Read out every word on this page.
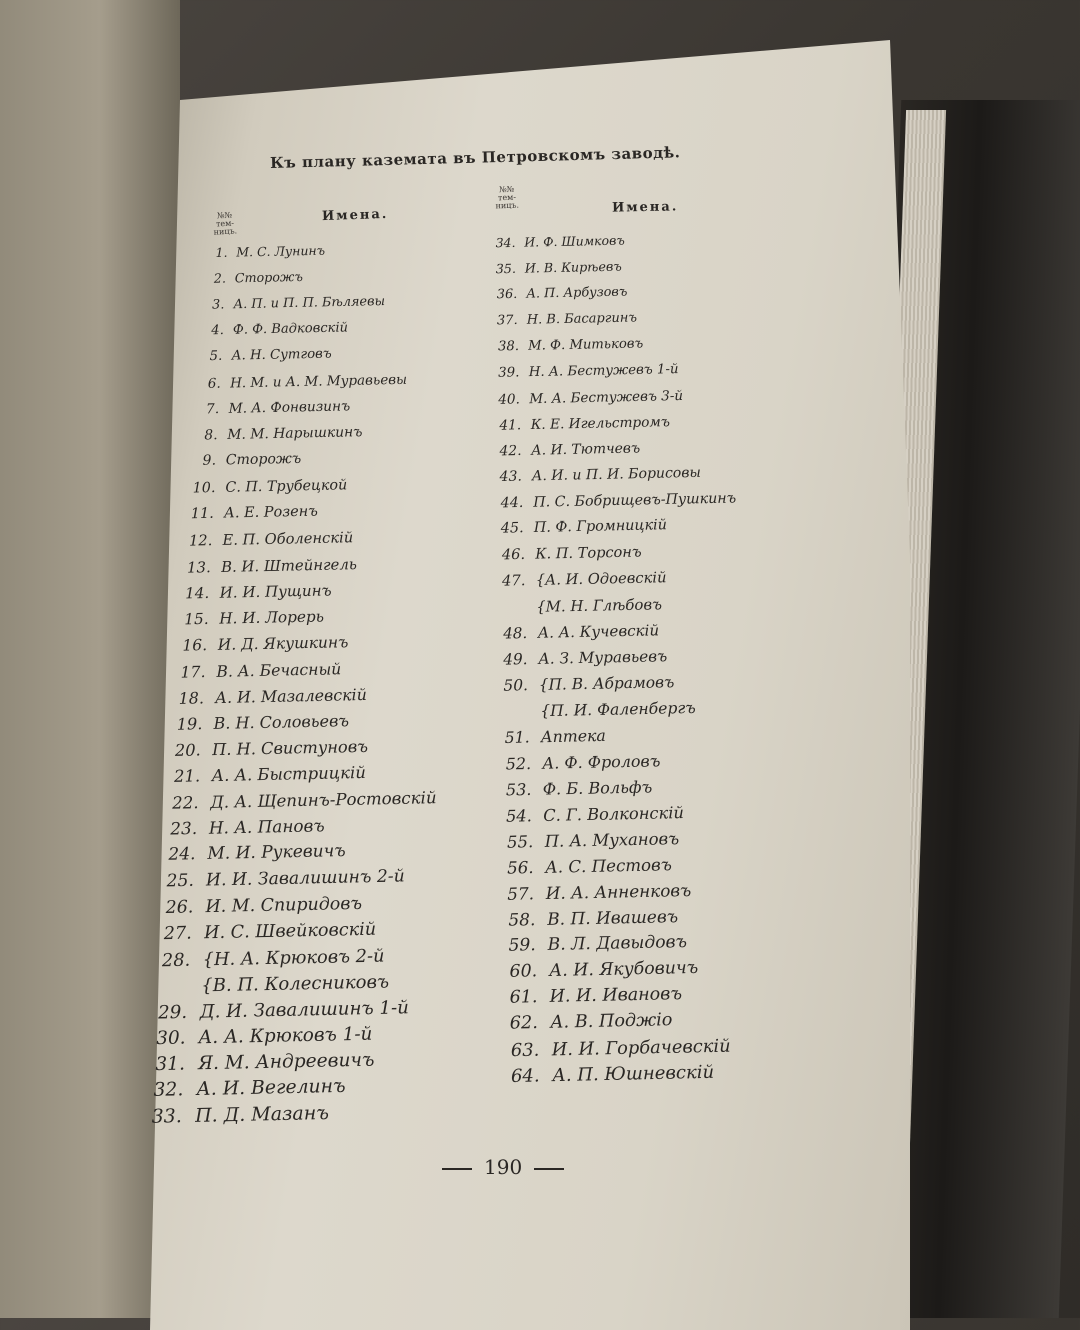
Къ плану каземата въ Петровскомъ заводѣ.
№№ тем- ницъ.
Имена.
№№ тем- ницъ.	Имена.
1. М. С. Лунинъ
2. Сторожъ
3. А. П. и П. П. Бѣляевы
4. Ф. Ф. Вадковскій
5. А. Н. Сутговъ
6. Н. М. и А. М. Муравьевы
7. М. А. Фонвизинъ
8. М. М. Нарышкинъ
9. Сторожъ
10. С. П. Трубецкой
11. А. Е. Розенъ
12. Е. П. Оболенскій
13. В. И. Штейнгель
14. И. И. Пущинъ
15. Н. И. Лорерь
16. И. Д. Якушкинъ
17. В. А. Бечасный
18. А. И. Мазалевскій
19. В. Н. Соловьевъ
20. П. Н. Свистуновъ
21. А. А. Быстрицкій
22. Д. А. Щепинъ-Ростовскій
23. Н. А. Пановъ
24. М. И. Рукевичъ
25. И. И. Завалишинъ 2-й
26. И. М. Спиридовъ
27. И. С. Швейковскій
28. {Н. А. Крюковъ 2-й
{В. П. Колесниковъ
29. Д. И. Завалишинъ 1-й
30. А. А. Крюковъ 1-й
31. Я. М. Андреевичъ
32. А. И. Вегелинъ
33. П. Д. Мазанъ
34. И. Ф. Шимковъ
35. И. В. Кирѣевъ
36. А. П. Арбузовъ
37. Н. В. Басаргинъ
38. М. Ф. Митьковъ
39. Н. А. Бестужевъ 1-й
40. М. А. Бестужевъ 3-й
41. К. Е. Игельстромъ
42. А. И. Тютчевъ
43. А. И. и П. И. Борисовы
44. П. С. Бобрищевъ-Пушкинъ
45. П. Ф. Громницкій
46. К. П. Торсонъ
47. {А. И. Одоевскій
{М. Н. Глѣбовъ
48. А. А. Кучевскій
49. А. З. Муравьевъ
50. {П. В. Абрамовъ
{П. И. Фаленбергъ
51. Аптека
52. А. Ф. Фроловъ
53. Ф. Б. Вольфъ
54. С. Г. Волконскій
55. П. А. Мухановъ
56. А. С. Пестовъ
57. И. А. Анненковъ
58. В. П. Ивашевъ
59. В. Л. Давыдовъ
60. А. И. Якубовичъ
61. И. И. Ивановъ
62. А. В. Поджіо
63. И. И. Горбачевскій
64. А. П. Юшневскій
190
